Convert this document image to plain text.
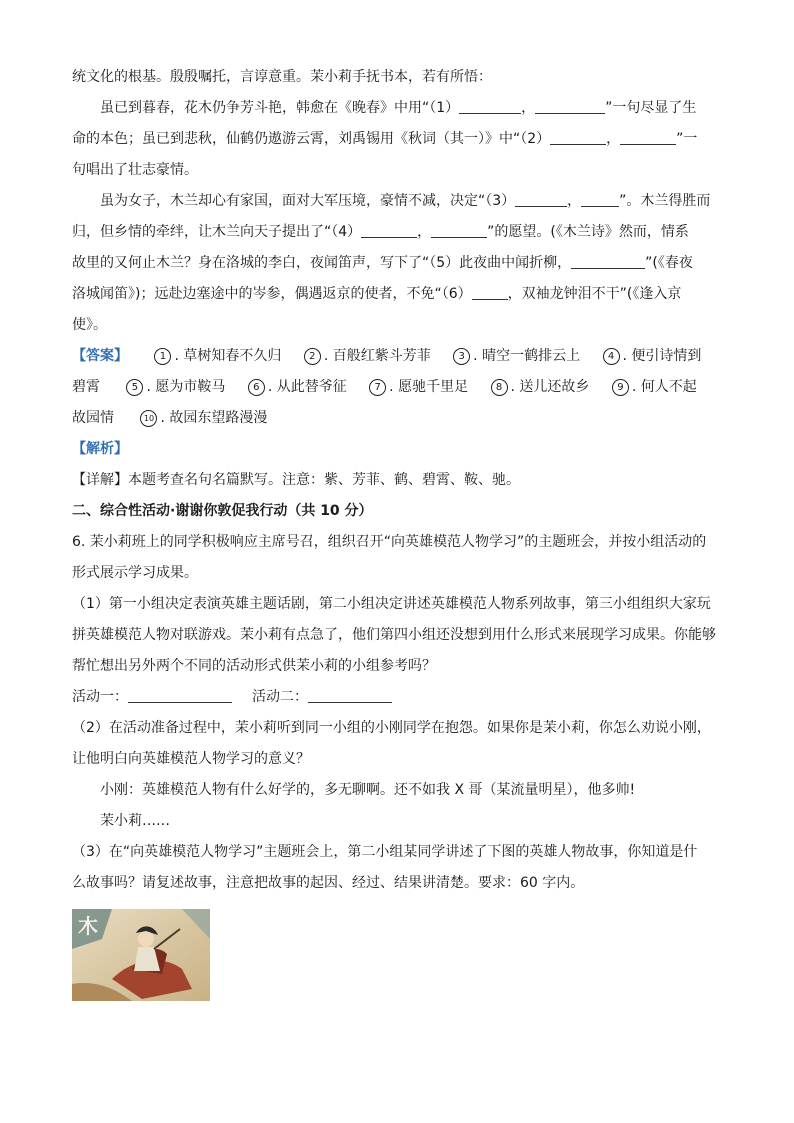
统文化的根基。殷殷嘱托，言谆意重。茉小莉手抚书本，若有所悟：

虽已到暮春，花木仍争芳斗艳，韩愈在《晚春》中用“（1）	，	”一句尽显了生

命的本色；虽已到悲秋，仙鹤仍遨游云霄，刘禹锡用《秋词（其一）》中“（2）	，	”一

句唱出了壮志豪情。

虽为女子，木兰却心有家国，面对大军压境，豪情不减，决定“（3）	，	”。木兰得胜而

归，但乡情的牵绊，让木兰向天子提出了“（4）	，	”的愿望。(《木兰诗》然而，情系

故里的又何止木兰？身在洛城的李白，夜闻笛声，写下了“（5）此夜曲中闻折柳，	”(《春夜

洛城闻笛》)；远赴边塞途中的岑参，偶遇返京的使者，不免“（6）	，双袖龙钟泪不干”(《逢入京

使》。

【答案】	1 . 草树知春不久归	2 . 百般红紫斗芳菲	3 . 晴空一鹤排云上	4 . 便引诗情到

碧霄	5 . 愿为市鞍马	6 . 从此替爷征	7 . 愿驰千里足	8 . 送儿还故乡	9 . 何人不起

故园情	10 . 故园东望路漫漫

【解析】

【详解】本题考查名句名篇默写。注意：紫、芳菲、鹤、碧霄、鞍、驰。

二、综合性活动·谢谢你敦促我行动（共 10 分）

6. 茉小莉班上的同学积极响应主席号召，组织召开“向英雄模范人物学习”的主题班会，并按小组活动的

形式展示学习成果。

（1）第一小组决定表演英雄主题话剧，第二小组决定讲述英雄模范人物系列故事，第三小组组织大家玩

拼英雄模范人物对联游戏。茉小莉有点急了，他们第四小组还没想到用什么形式来展现学习成果。你能够

帮忙想出另外两个不同的活动形式供茉小莉的小组参考吗？

活动一：	活动二：

（2）在活动准备过程中，茉小莉听到同一小组的小刚同学在抱怨。如果你是茉小莉，你怎么劝说小刚，

让他明白向英雄模范人物学习的意义？

小刚：英雄模范人物有什么好学的，多无聊啊。还不如我 X 哥（某流量明星），他多帅!

茉小莉……

（3）在“向英雄模范人物学习”主题班会上，第二小组某同学讲述了下图的英雄人物故事，你知道是什

么故事吗？请复述故事，注意把故事的起因、经过、结果讲清楚。要求：60 字内。

木
